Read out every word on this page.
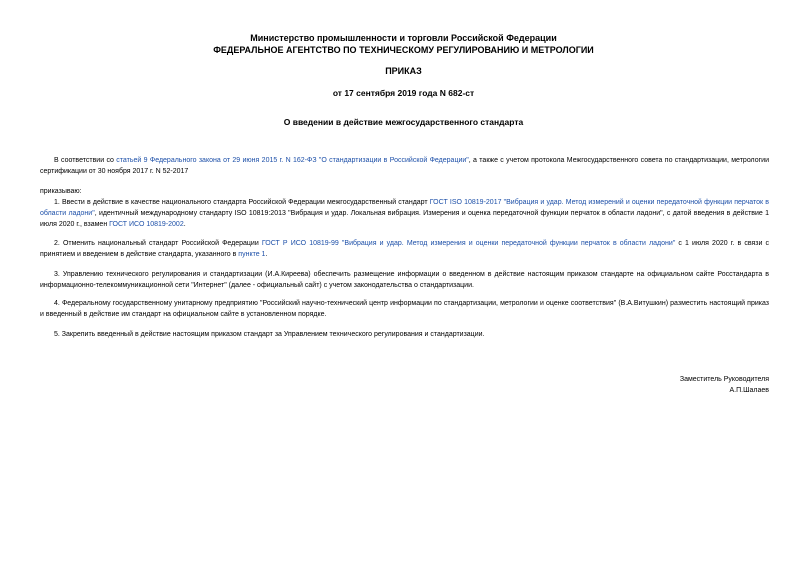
Министерство промышленности и торговли Российской Федерации
ФЕДЕРАЛЬНОЕ АГЕНТСТВО ПО ТЕХНИЧЕСКОМУ РЕГУЛИРОВАНИЮ И МЕТРОЛОГИИ
ПРИКАЗ
от 17 сентября 2019 года N 682-ст
О введении в действие межгосударственного стандарта
В соответствии со статьей 9 Федерального закона от 29 июня 2015 г. N 162-ФЗ "О стандартизации в Российской Федерации", а также с учетом протокола Межгосударственного совета по стандартизации, метрологии сертификации от 30 ноября 2017 г. N 52-2017
приказываю:
1. Ввести в действие в качестве национального стандарта Российской Федерации межгосударственный стандарт ГОСТ ISO 10819-2017 "Вибрация и удар. Метод измерений и оценки передаточной функции перчаток в области ладони", идентичный международному стандарту ISO 10819:2013 "Вибрация и удар. Локальная вибрация. Измерения и оценка передаточной функции перчаток в области ладони", с датой введения в действие 1 июля 2020 г., взамен ГОСТ ИСО 10819-2002.
2. Отменить национальный стандарт Российской Федерации ГОСТ Р ИСО 10819-99 "Вибрация и удар. Метод измерения и оценки передаточной функции перчаток в области ладони" с 1 июля 2020 г. в связи с принятием и введением в действие стандарта, указанного в пункте 1.
3. Управлению технического регулирования и стандартизации (И.А.Киреева) обеспечить размещение информации о введенном в действие настоящим приказом стандарте на официальном сайте Росстандарта в информационно-телекоммуникационной сети "Интернет" (далее - официальный сайт) с учетом законодательства о стандартизации.
4. Федеральному государственному унитарному предприятию "Российский научно-технический центр информации по стандартизации, метрологии и оценке соответствия" (В.А.Витушкин) разместить настоящий приказ и введенный в действие им стандарт на официальном сайте в установленном порядке.
5. Закрепить введенный в действие настоящим приказом стандарт за Управлением технического регулирования и стандартизации.
Заместитель Руководителя
А.П.Шалаев
